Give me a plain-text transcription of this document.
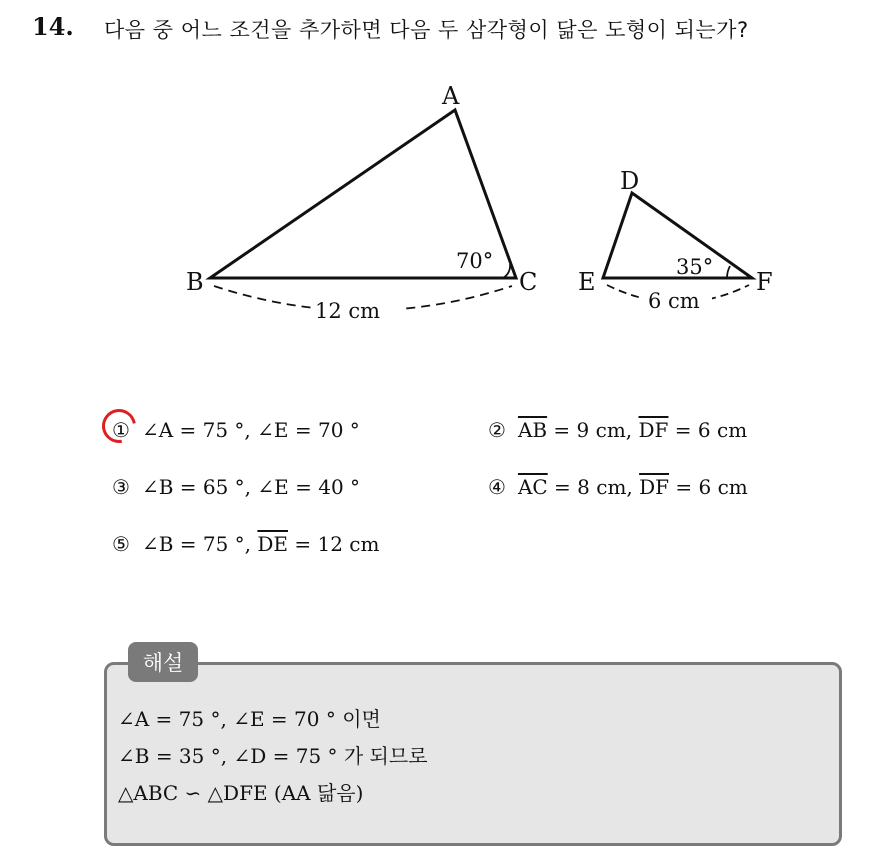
14. 다음 중 어느 조건을 추가하면 다음 두 삼각형이 닮은 도형이 되는가?
A
B	C
70°
12 cm
D
E	F
35°
6 cm
① ∠A = 75 °, ∠E = 70 °	② $\overline{AB} = 9$ cm, $\overline{DF} = 6$ cm
③ ∠B = 65 °, ∠E = 40 °	④ $\overline{AC} = 8$ cm, $\overline{DF} = 6$ cm
⑤ ∠B = 75 °, $\overline{DE} = 12$ cm
해설
∠A = 75 °, ∠E = 70 ° 이면
∠B = 35 °, ∠D = 75 ° 가 되므로
△ABC ∽ △DFE (AA 닮음)
